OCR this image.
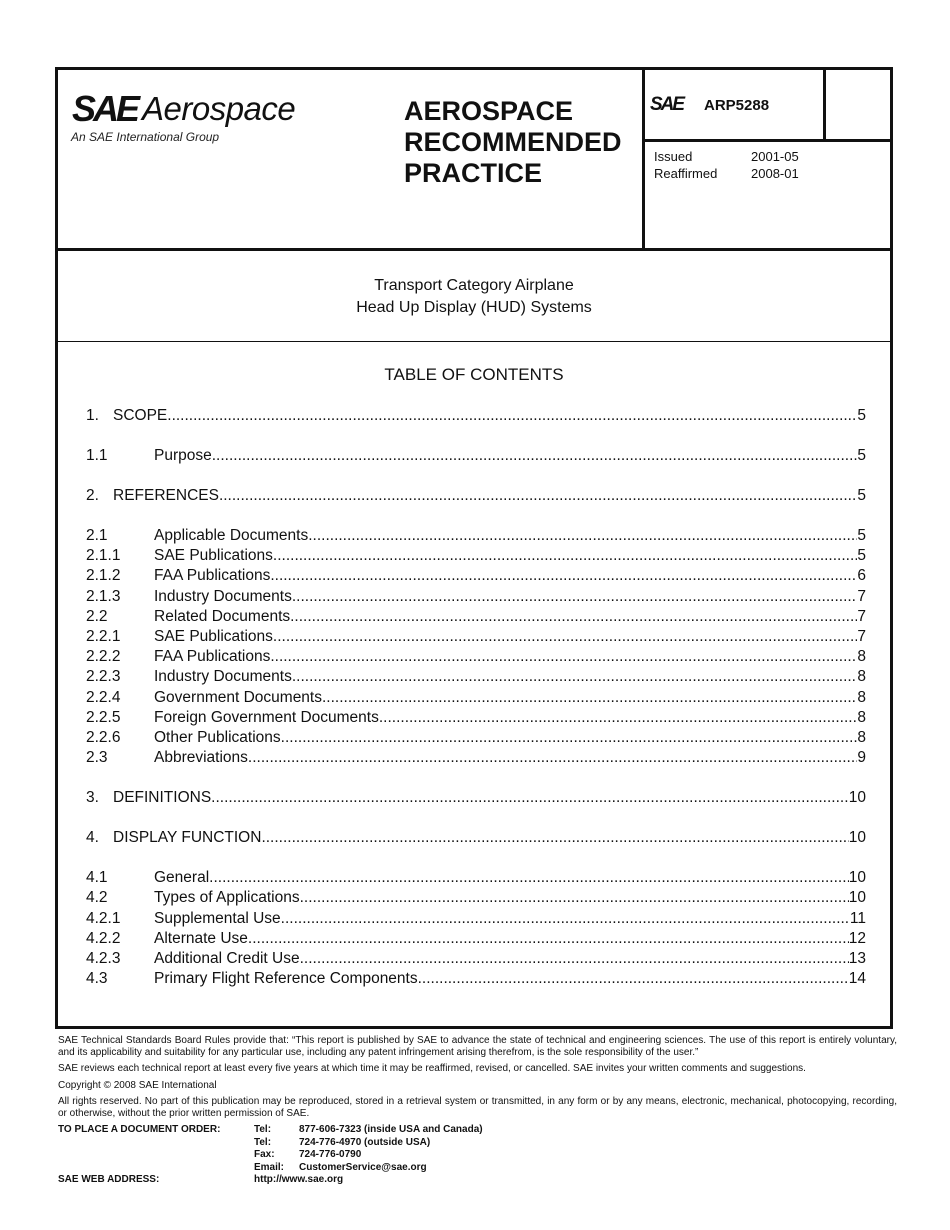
SAE Aerospace
An SAE International Group
AEROSPACE
RECOMMENDED
PRACTICE
SAE ARP5288
Issued	2001-05
Reaffirmed	2008-01
Transport Category Airplane
Head Up Display (HUD) Systems
TABLE OF CONTENTS
1. SCOPE .....	5
1.1	Purpose .....	5
2. REFERENCES .....	5
2.1	Applicable Documents .....	5
2.1.1	SAE Publications .....	5
2.1.2	FAA Publications .....	6
2.1.3	Industry Documents .....	7
2.2	Related Documents .....	7
2.2.1	SAE Publications .....	7
2.2.2	FAA Publications .....	8
2.2.3	Industry Documents .....	8
2.2.4	Government Documents .....	8
2.2.5	Foreign Government Documents .....	8
2.2.6	Other Publications .....	8
2.3	Abbreviations .....	9
3. DEFINITIONS .....	10
4. DISPLAY FUNCTION .....	10
4.1	General .....	10
4.2	Types of Applications .....	10
4.2.1	Supplemental Use .....	11
4.2.2	Alternate Use .....	12
4.2.3	Additional Credit Use .....	13
4.3	Primary Flight Reference Components .....	14

SAE Technical Standards Board Rules provide that: “This report is published by SAE to advance the state of technical and engineering sciences. The use of this report is entirely voluntary, and its applicability and suitability for any particular use, including any patent infringement arising therefrom, is the sole responsibility of the user.”

SAE reviews each technical report at least every five years at which time it may be reaffirmed, revised, or cancelled. SAE invites your written comments and suggestions.

Copyright © 2008 SAE International

All rights reserved. No part of this publication may be reproduced, stored in a retrieval system or transmitted, in any form or by any means, electronic, mechanical, photocopying, recording, or otherwise, without the prior written permission of SAE.

TO PLACE A DOCUMENT ORDER:	Tel:	877-606-7323 (inside USA and Canada)
Tel:	724-776-4970 (outside USA)
Fax:	724-776-0790
Email:	CustomerService@sae.org
SAE WEB ADDRESS:	http://www.sae.org
